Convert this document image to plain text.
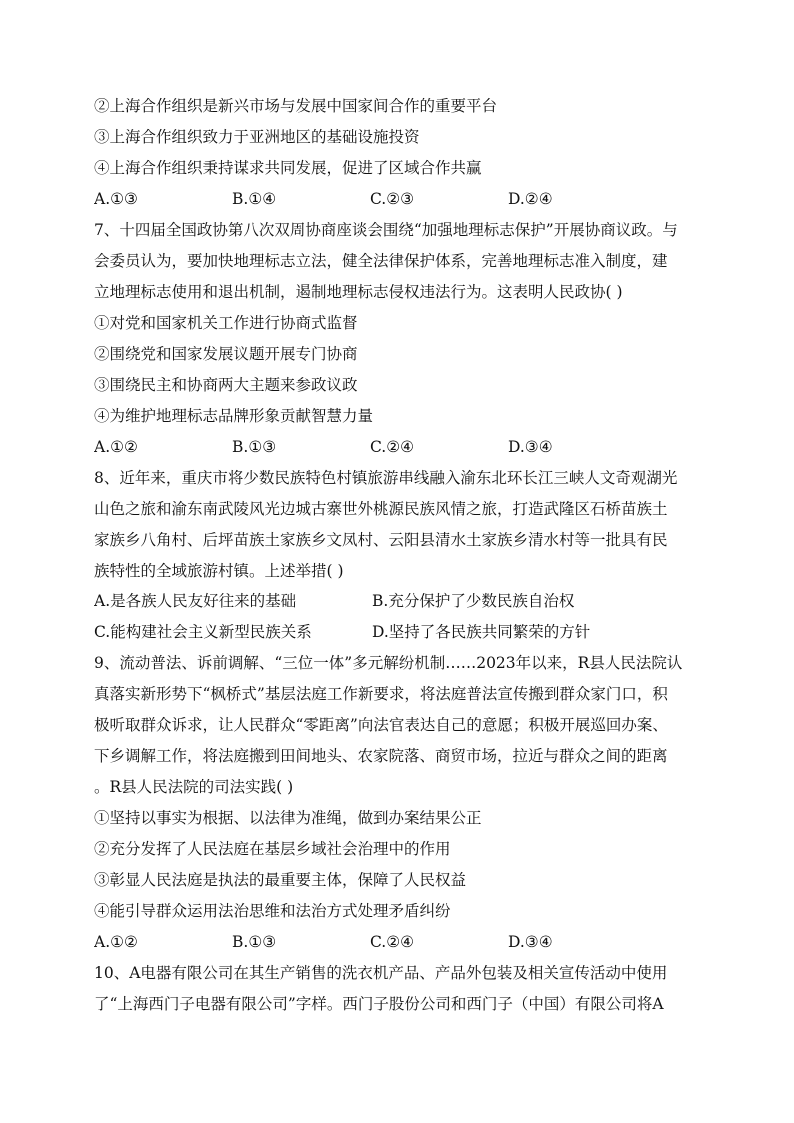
②上海合作组织是新兴市场与发展中国家间合作的重要平台
③上海合作组织致力于亚洲地区的基础设施投资
④上海合作组织秉持谋求共同发展，促进了区域合作共赢
A.①③	B.①④	C.②③	D.②④
7、十四届全国政协第八次双周协商座谈会围绕“加强地理标志保护”开展协商议政。与
会委员认为，要加快地理标志立法，健全法律保护体系，完善地理标志准入制度，建
立地理标志使用和退出机制，遏制地理标志侵权违法行为。这表明人民政协( )
①对党和国家机关工作进行协商式监督
②围绕党和国家发展议题开展专门协商
③围绕民主和协商两大主题来参政议政
④为维护地理标志品牌形象贡献智慧力量
A.①②	B.①③	C.②④	D.③④
8、近年来，重庆市将少数民族特色村镇旅游串线融入渝东北环长江三峡人文奇观湖光
山色之旅和渝东南武陵风光边城古寨世外桃源民族风情之旅，打造武隆区石桥苗族土
家族乡八角村、后坪苗族土家族乡文凤村、云阳县清水土家族乡清水村等一批具有民
族特性的全域旅游村镇。上述举措( )
A.是各族人民友好往来的基础	B.充分保护了少数民族自治权
C.能构建社会主义新型民族关系	D.坚持了各民族共同繁荣的方针
9、流动普法、诉前调解、“三位一体”多元解纷机制……2023年以来，R县人民法院认
真落实新形势下“枫桥式”基层法庭工作新要求，将法庭普法宣传搬到群众家门口，积
极听取群众诉求，让人民群众“零距离”向法官表达自己的意愿；积极开展巡回办案、
下乡调解工作，将法庭搬到田间地头、农家院落、商贸市场，拉近与群众之间的距离
。R县人民法院的司法实践( )
①坚持以事实为根据、以法律为准绳，做到办案结果公正
②充分发挥了人民法庭在基层乡域社会治理中的作用
③彰显人民法庭是执法的最重要主体，保障了人民权益
④能引导群众运用法治思维和法治方式处理矛盾纠纷
A.①②	B.①③	C.②④	D.③④
10、A电器有限公司在其生产销售的洗衣机产品、产品外包装及相关宣传活动中使用
了“上海西门子电器有限公司”字样。西门子股份公司和西门子（中国）有限公司将A
